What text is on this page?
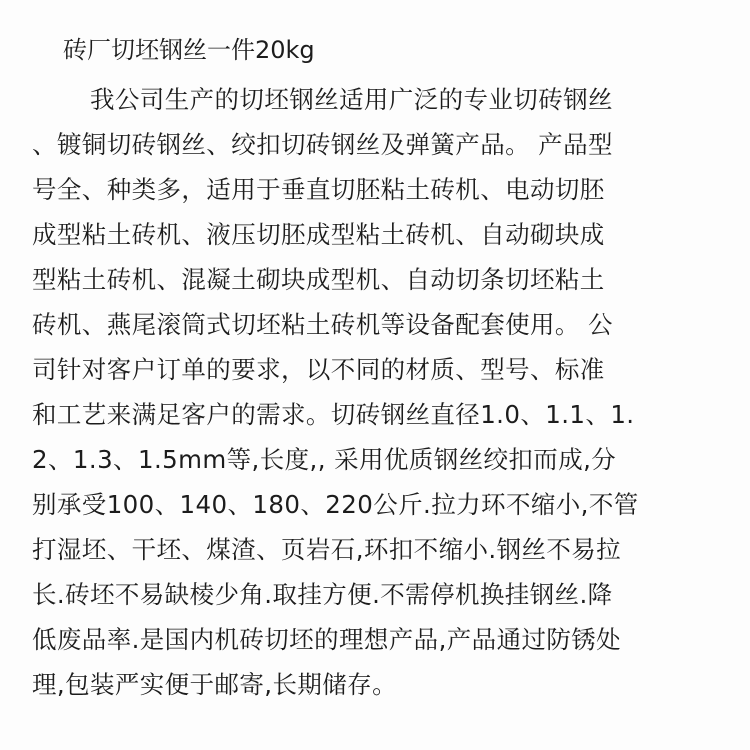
砖厂切坯钢丝一件20kg
我公司生产的切坯钢丝适用广泛的专业切砖钢丝
、镀铜切砖钢丝、绞扣切砖钢丝及弹簧产品。 产品型
号全、种类多，适用于垂直切胚粘土砖机、电动切胚
成型粘土砖机、液压切胚成型粘土砖机、自动砌块成
型粘土砖机、混凝土砌块成型机、自动切条切坯粘土
砖机、燕尾滚筒式切坯粘土砖机等设备配套使用。 公
司针对客户订单的要求，以不同的材质、型号、标准
和工艺来满足客户的需求。切砖钢丝直径1.0、1.1、1.
2、1.3、1.5mm等,长度,, 采用优质钢丝绞扣而成,分
别承受100、140、180、220公斤.拉力环不缩小,不管
打湿坯、干坯、煤渣、页岩石,环扣不缩小.钢丝不易拉
长.砖坯不易缺棱少角.取挂方便.不需停机换挂钢丝.降
低废品率.是国内机砖切坯的理想产品,产品通过防锈处
理,包装严实便于邮寄,长期储存。
